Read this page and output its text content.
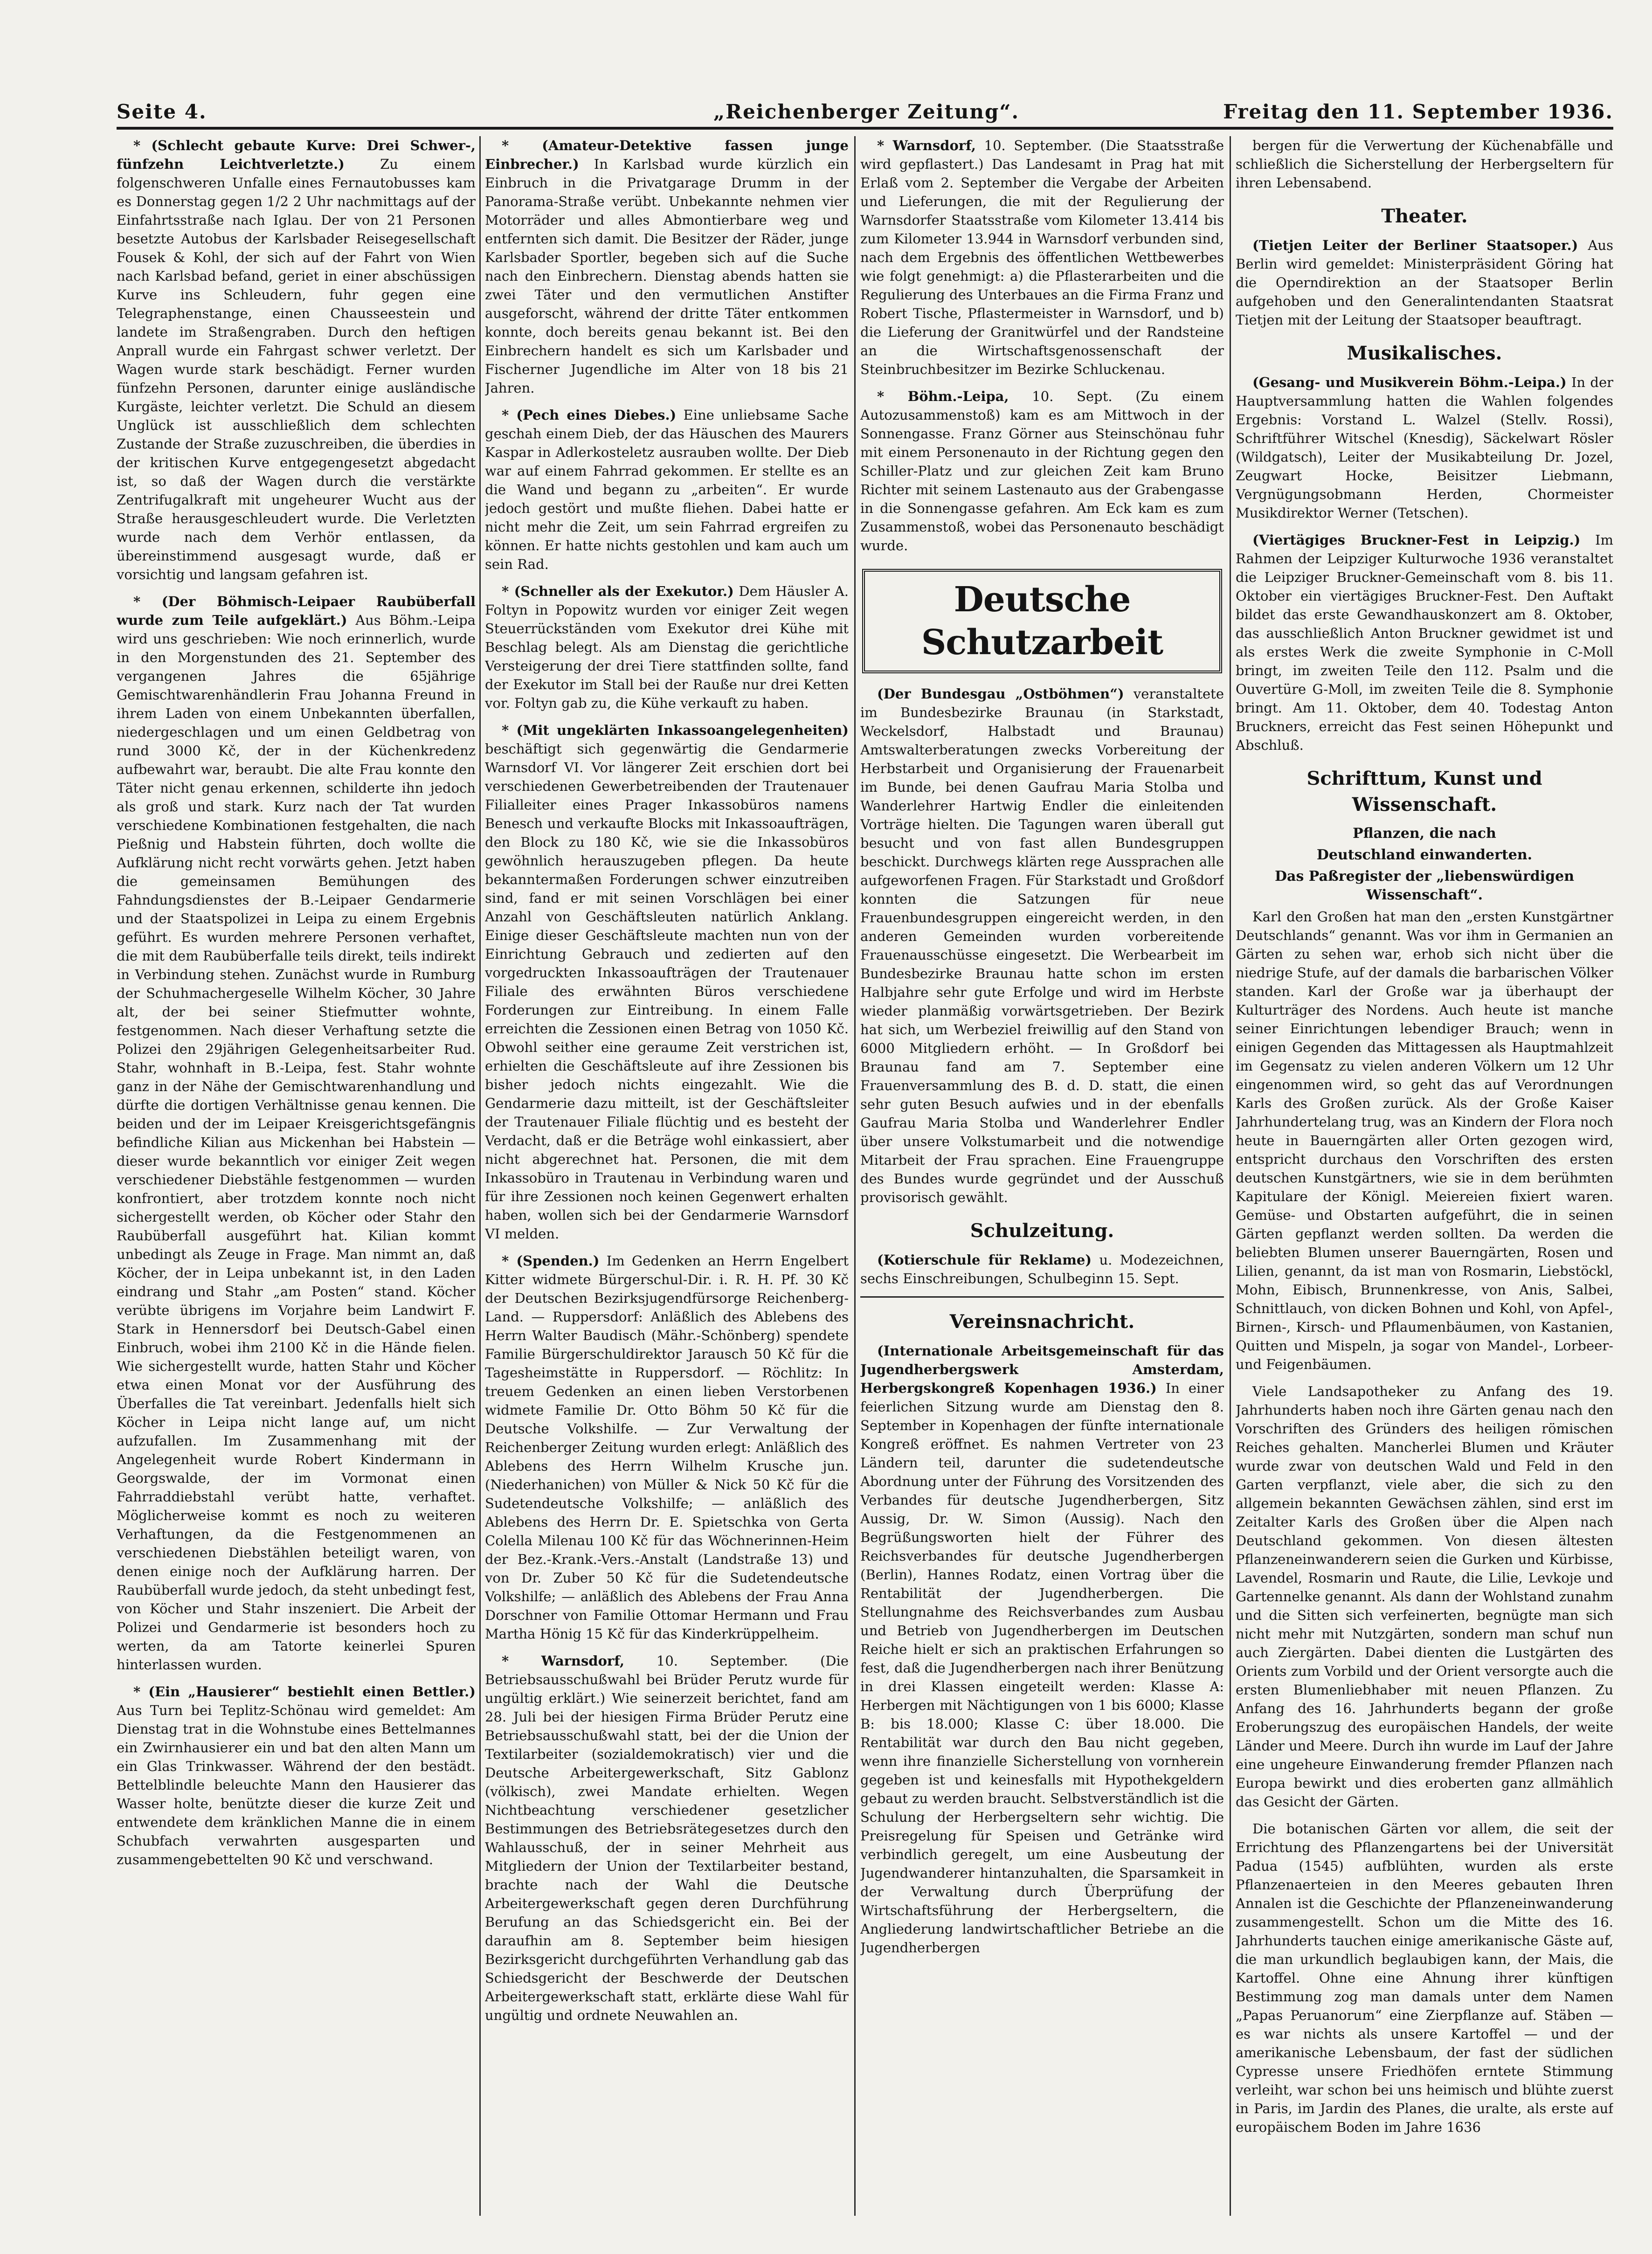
Seite 4.	„Reichenberger Zeitung“.	Freitag den 11. September 1936.

* (Schlecht gebaute Kurve: Drei Schwer-, fünfzehn Leichtverletzte.)	Zu einem folgenschweren Unfalle eines Fernautobusses kam es Donnerstag gegen 1/2 2 Uhr nachmittags auf der Einfahrtsstraße nach Iglau. Der von 21 Personen besetzte Autobus der Karlsbader Reisegesellschaft Fousek & Kohl, der sich auf der Fahrt von Wien nach Karlsbad befand, geriet in einer abschüssigen Kurve ins Schleudern, fuhr gegen eine Telegraphenstange, einen Chausseestein und landete im Straßengraben. Durch den heftigen Anprall wurde ein Fahrgast schwer verletzt. Der Wagen wurde stark beschädigt. Ferner wurden fünfzehn Personen, darunter einige ausländische Kurgäste, leichter verletzt. Die Schuld an diesem Unglück ist ausschließlich dem schlechten Zustande der Straße zuzuschreiben, die überdies in der kritischen Kurve entgegengesetzt abgedacht ist, so daß der Wagen durch die verstärkte Zentrifugalkraft mit ungeheurer Wucht aus der Straße herausgeschleudert wurde. Die Verletzten wurde nach dem Verhör entlassen, da übereinstimmend ausgesagt wurde, daß er vorsichtig und langsam gefahren ist.

* (Der Böhmisch-Leipaer Raubüberfall wurde zum Teile aufgeklärt.) Aus Böhm.-Leipa wird uns geschrieben: Wie noch erinnerlich, wurde in den Morgenstunden des 21. September des vergangenen Jahres die 65jährige Gemischtwarenhändlerin Frau Johanna Freund in ihrem Laden von einem Unbekannten überfallen, niedergeschlagen und um einen Geldbetrag von rund 3000 Kč, der in der Küchenkredenz aufbewahrt war, beraubt. Die alte Frau konnte den Täter nicht genau erkennen, schilderte ihn jedoch als groß und stark. Kurz nach der Tat wurden verschiedene Kombinationen festgehalten, die nach Pießnig und Habstein führten, doch wollte die Aufklärung nicht recht vorwärts gehen. Jetzt haben die gemeinsamen Bemühungen des Fahndungsdienstes der B.-Leipaer Gendarmerie und der Staatspolizei in Leipa zu einem Ergebnis geführt. Es wurden mehrere Personen verhaftet, die mit dem Raubüberfalle teils direkt, teils indirekt in Verbindung stehen. Zunächst wurde in Rumburg der Schuhmachergeselle Wilhelm Köcher, 30 Jahre alt, der bei seiner Stiefmutter wohnte, festgenommen. Nach dieser Verhaftung setzte die Polizei den 29jährigen Gelegenheitsarbeiter Rud. Stahr, wohnhaft in B.-Leipa, fest. Stahr wohnte ganz in der Nähe der Gemischtwarenhandlung und dürfte die dortigen Verhältnisse genau kennen. Die beiden und der im Leipaer Kreisgerichtsgefängnis befindliche Kilian aus Mickenhan bei Habstein — dieser wurde bekanntlich vor einiger Zeit wegen verschiedener Diebstähle festgenommen — wurden konfrontiert, aber trotzdem konnte noch nicht sichergestellt werden, ob Köcher oder Stahr den Raubüberfall ausgeführt hat. Kilian kommt unbedingt als Zeuge in Frage. Man nimmt an, daß Köcher, der in Leipa unbekannt ist, in den Laden eindrang und Stahr „am Posten“ stand. Köcher verübte übrigens im Vorjahre beim Landwirt F. Stark in Hennersdorf bei Deutsch-Gabel einen Einbruch, wobei ihm 2100 Kč in die Hände fielen. Wie sichergestellt wurde, hatten Stahr und Köcher etwa einen Monat vor der Ausführung des Überfalles die Tat vereinbart. Jedenfalls hielt sich Köcher in Leipa nicht lange auf, um nicht aufzufallen. Im Zusammenhang mit der Angelegenheit wurde Robert Kindermann in Georgswalde, der im Vormonat einen Fahrraddiebstahl verübt hatte, verhaftet. Möglicherweise kommt es noch zu weiteren Verhaftungen, da die Festgenommenen an verschiedenen Diebstählen beteiligt waren, von denen einige noch der Aufklärung harren. Der Raubüberfall wurde jedoch, da steht unbedingt fest, von Köcher und Stahr inszeniert. Die Arbeit der Polizei und Gendarmerie ist besonders hoch zu werten, da am Tatorte keinerlei Spuren hinterlassen wurden.

* (Ein „Hausierer“ bestiehlt einen Bettler.) Aus Turn bei Teplitz-Schönau wird gemeldet: Am Dienstag trat in die Wohnstube eines Bettelmannes ein Zwirnhausierer ein und bat den alten Mann um ein Glas Trinkwasser. Während der den bestädt. Bettelblindle beleuchte Mann den Hausierer das Wasser holte, benützte dieser die kurze Zeit und entwendete dem kränklichen Manne die in einem Schubfach verwahrten ausgesparten und zusammengebettelten 90 Kč und verschwand.

* (Amateur-Detektive fassen junge Einbrecher.) In Karlsbad wurde kürzlich ein Einbruch in die Privatgarage Drumm in der Panorama-Straße verübt. Unbekannte nehmen vier Motorräder und alles Abmontierbare weg und entfernten sich damit. Die Besitzer der Räder, junge Karlsbader Sportler, begeben sich auf die Suche nach den Einbrechern. Dienstag abends hatten sie zwei Täter und den vermutlichen Anstifter ausgeforscht, während der dritte Täter entkommen konnte, doch bereits genau bekannt ist. Bei den Einbrechern handelt es sich um Karlsbader und Fischerner Jugendliche im Alter von 18 bis 21 Jahren.

* (Pech eines Diebes.) Eine unliebsame Sache geschah einem Dieb, der das Häuschen des Maurers Kaspar in Adlerkosteletz ausrauben wollte. Der Dieb war auf einem Fahrrad gekommen. Er stellte es an die Wand und begann zu „arbeiten“. Er wurde jedoch gestört und mußte fliehen. Dabei hatte er nicht mehr die Zeit, um sein Fahrrad ergreifen zu können. Er hatte nichts gestohlen und kam auch um sein Rad.

* (Schneller als der Exekutor.) Dem Häusler A. Foltyn in Popowitz wurden vor einiger Zeit wegen Steuerrückständen vom Exekutor drei Kühe mit Beschlag belegt. Als am Dienstag die gerichtliche Versteigerung der drei Tiere stattfinden sollte, fand der Exekutor im Stall bei der Rauße nur drei Ketten vor. Foltyn gab zu, die Kühe verkauft zu haben.

* (Mit ungeklärten Inkassoangelegenheiten) beschäftigt sich gegenwärtig die Gendarmerie Warnsdorf VI. Vor längerer Zeit erschien dort bei verschiedenen Gewerbetreibenden der Trautenauer Filialleiter eines Prager Inkassobüros namens Benesch und verkaufte Blocks mit Inkassoaufträgen, den Block zu 180 Kč, wie sie die Inkassobüros gewöhnlich herauszugeben pflegen. Da heute bekanntermaßen Forderungen schwer einzutreiben sind, fand er mit seinen Vorschlägen bei einer Anzahl von Geschäftsleuten natürlich Anklang. Einige dieser Geschäftsleute machten nun von der Einrichtung Gebrauch und zedierten auf den vorgedruckten Inkassoaufträgen der Trautenauer Filiale des erwähnten Büros verschiedene Forderungen zur Eintreibung. In einem Falle erreichten die Zessionen einen Betrag von 1050 Kč. Obwohl seither eine geraume Zeit verstrichen ist, erhielten die Geschäftsleute auf ihre Zessionen bis bisher jedoch nichts eingezahlt. Wie die Gendarmerie dazu mitteilt, ist der Geschäftsleiter der Trautenauer Filiale flüchtig und es besteht der Verdacht, daß er die Beträge wohl einkassiert, aber nicht abgerechnet hat. Personen, die mit dem Inkassobüro in Trautenau in Verbindung waren und für ihre Zessionen noch keinen Gegenwert erhalten haben, wollen sich bei der Gendarmerie Warnsdorf VI melden.

* (Spenden.) Im Gedenken an Herrn Engelbert Kitter widmete Bürgerschul-Dir. i. R. H. Pf. 30 Kč der Deutschen Bezirksjugendfürsorge Reichenberg-Land. — Ruppersdorf: Anläßlich des Ablebens des Herrn Walter Baudisch (Mähr.-Schönberg) spendete Familie Bürgerschuldirektor Jarausch 50 Kč für die Tagesheimstätte in Ruppersdorf. — Röchlitz: In treuem Gedenken an einen lieben Verstorbenen widmete Familie Dr. Otto Böhm 50 Kč für die Deutsche Volkshilfe. — Zur Verwaltung der Reichenberger Zeitung wurden erlegt: Anläßlich des Ablebens des Herrn Wilhelm Krusche jun. (Niederhanichen) von Müller & Nick 50 Kč für die Sudetendeutsche Volkshilfe; — anläßlich des Ablebens des Herrn Dr. E. Spietschka von Gerta Colella Milenau 100 Kč für das Wöchnerinnen-Heim der Bez.-Krank.-Vers.-Anstalt (Landstraße 13) und von Dr. Zuber 50 Kč für die Sudetendeutsche Volkshilfe; — anläßlich des Ablebens der Frau Anna Dorschner von Familie Ottomar Hermann und Frau Martha Hönig 15 Kč für das Kinderkrüppelheim.

* Warnsdorf, 10. September. (Die Betriebsausschußwahl bei Brüder Perutz wurde für ungültig erklärt.) Wie seinerzeit berichtet, fand am 28. Juli bei der hiesigen Firma Brüder Perutz eine Betriebsausschußwahl statt, bei der die Union der Textilarbeiter (sozialdemokratisch) vier und die Deutsche Arbeitergewerkschaft, Sitz Gablonz (völkisch), zwei Mandate erhielten. Wegen Nichtbeachtung verschiedener gesetzlicher Bestimmungen des Betriebsrätegesetzes durch den Wahlausschuß, der in seiner Mehrheit aus Mitgliedern der Union der Textilarbeiter bestand, brachte nach der Wahl die Deutsche Arbeitergewerkschaft gegen deren Durchführung Berufung an das Schiedsgericht ein. Bei der daraufhin am 8. September beim hiesigen Bezirksgericht durchgeführten Verhandlung gab das Schiedsgericht der Beschwerde der Deutschen Arbeitergewerkschaft statt, erklärte diese Wahl für ungültig und ordnete Neuwahlen an.

* Warnsdorf, 10. September. (Die Staatsstraße wird gepflastert.) Das Landesamt in Prag hat mit Erlaß vom 2. September die Vergabe der Arbeiten und Lieferungen, die mit der Regulierung der Warnsdorfer Staatsstraße vom Kilometer 13.414 bis zum Kilometer 13.944 in Warnsdorf verbunden sind, nach dem Ergebnis des öffentlichen Wettbewerbes wie folgt genehmigt: a) die Pflasterarbeiten und die Regulierung des Unterbaues an die Firma Franz und Robert Tische, Pflastermeister in Warnsdorf, und b) die Lieferung der Granitwürfel und der Randsteine an die Wirtschaftsgenossenschaft der Steinbruchbesitzer im Bezirke Schluckenau.

* Böhm.-Leipa, 10. Sept. (Zu einem Autozusammenstoß) kam es am Mittwoch in der Sonnengasse. Franz Görner aus Steinschönau fuhr mit einem Personenauto in der Richtung gegen den Schiller-Platz und zur gleichen Zeit kam Bruno Richter mit seinem Lastenauto aus der Grabengasse in die Sonnengasse gefahren. Am Eck kam es zum Zusammenstoß, wobei das Personenauto beschädigt wurde.

Deutsche Schutzarbeit

(Der Bundesgau „Ostböhmen“) veranstaltete im Bundesbezirke Braunau (in Starkstadt, Weckelsdorf, Halbstadt und Braunau) Amtswalterberatungen zwecks Vorbereitung der Herbstarbeit und Organisierung der Frauenarbeit im Bunde, bei denen Gaufrau Maria Stolba und Wanderlehrer Hartwig Endler die einleitenden Vorträge hielten. Die Tagungen waren überall gut besucht und von fast allen Bundesgruppen beschickt. Durchwegs klärten rege Aussprachen alle aufgeworfenen Fragen. Für Starkstadt und Großdorf konnten die Satzungen für neue Frauenbundesgruppen eingereicht werden, in den anderen Gemeinden wurden vorbereitende Frauenausschüsse eingesetzt. Die Werbearbeit im Bundesbezirke Braunau hatte schon im ersten Halbjahre sehr gute Erfolge und wird im Herbste wieder planmäßig vorwärtsgetrieben. Der Bezirk hat sich, um Werbeziel freiwillig auf den Stand von 6000 Mitgliedern erhöht. — In Großdorf bei Braunau fand am 7. September eine Frauenversammlung des B. d. D. statt, die einen sehr guten Besuch aufwies und in der ebenfalls Gaufrau Maria Stolba und Wanderlehrer Endler über unsere Volkstumarbeit und die notwendige Mitarbeit der Frau sprachen. Eine Frauengruppe des Bundes wurde gegründet und der Ausschuß provisorisch gewählt.

Schulzeitung.

(Kotierschule für Reklame) u. Modezeichnen, sechs Einschreibungen, Schulbeginn 15. Sept.

Vereinsnachricht.

(Internationale Arbeitsgemeinschaft für das Jugendherbergswerk Amsterdam, Herbergskongreß Kopenhagen 1936.) In einer feierlichen Sitzung wurde am Dienstag den 8. September in Kopenhagen der fünfte internationale Kongreß eröffnet. Es nahmen Vertreter von 23 Ländern teil, darunter die sudetendeutsche Abordnung unter der Führung des Vorsitzenden des Verbandes für deutsche Jugendherbergen, Sitz Aussig, Dr. W. Simon (Aussig). Nach den Begrüßungsworten hielt der Führer des Reichsverbandes für deutsche Jugendherbergen (Berlin), Hannes Rodatz, einen Vortrag über die Rentabilität der Jugendherbergen. Die Stellungnahme des Reichsverbandes zum Ausbau und Betrieb von Jugendherbergen im Deutschen Reiche hielt er sich an praktischen Erfahrungen so fest, daß die Jugendherbergen nach ihrer Benützung in drei Klassen eingeteilt werden: Klasse A: Herbergen mit Nächtigungen von 1 bis 6000; Klasse B: bis 18.000; Klasse C: über 18.000. Die Rentabilität war durch den Bau nicht gegeben, wenn ihre finanzielle Sicherstellung von vornherein gegeben ist und keinesfalls mit Hypothekgeldern gebaut zu werden braucht. Selbstverständlich ist die Schulung der Herbergseltern sehr wichtig. Die Preisregelung für Speisen und Getränke wird verbindlich geregelt, um eine Ausbeutung der Jugendwanderer hintanzuhalten, die Sparsamkeit in der Verwaltung durch Überprüfung der Wirtschaftsführung der Herbergseltern, die Angliederung landwirtschaftlicher Betriebe an die Jugendherbergen

bergen für die Verwertung der Küchenabfälle und schließlich die Sicherstellung der Herbergseltern für ihren Lebensabend.

Theater.

(Tietjen Leiter der Berliner Staatsoper.) Aus Berlin wird gemeldet: Ministerpräsident Göring hat die Operndirektion an der Staatsoper Berlin aufgehoben und den Generalintendanten Staatsrat Tietjen mit der Leitung der Staatsoper beauftragt.

Musikalisches.

(Gesang- und Musikverein Böhm.-Leipa.) In der Hauptversammlung hatten die Wahlen folgendes Ergebnis: Vorstand L. Walzel (Stellv. Rossi), Schriftführer Witschel (Knesdig), Säckelwart Rösler (Wildgatsch), Leiter der Musikabteilung Dr. Jozel, Zeugwart Hocke, Beisitzer Liebmann, Vergnügungsobmann Herden, Chormeister Musikdirektor Werner (Tetschen).

(Viertägiges Bruckner-Fest in Leipzig.) Im Rahmen der Leipziger Kulturwoche 1936 veranstaltet die Leipziger Bruckner-Gemeinschaft vom 8. bis 11. Oktober ein viertägiges Bruckner-Fest. Den Auftakt bildet das erste Gewandhauskonzert am 8. Oktober, das ausschließlich Anton Bruckner gewidmet ist und als erstes Werk die zweite Symphonie in C-Moll bringt, im zweiten Teile den 112. Psalm und die Ouvertüre G-Moll, im zweiten Teile die 8. Symphonie bringt. Am 11. Oktober, dem 40. Todestag Anton Bruckners, erreicht das Fest seinen Höhepunkt und Abschluß.

Schrifttum, Kunst und Wissenschaft.
Pflanzen, die nach
Deutschland einwanderten.
Das Paßregister der „liebenswürdigen Wissenschaft“.

Karl den Großen hat man den „ersten Kunstgärtner Deutschlands“ genannt. Was vor ihm in Germanien an Gärten zu sehen war, erhob sich nicht über die niedrige Stufe, auf der damals die barbarischen Völker standen. Karl der Große war ja überhaupt der Kulturträger des Nordens. Auch heute ist manche seiner Einrichtungen lebendiger Brauch; wenn in einigen Gegenden das Mittagessen als Hauptmahlzeit im Gegensatz zu vielen anderen Völkern um 12 Uhr eingenommen wird, so geht das auf Verordnungen Karls des Großen zurück. Als der Große Kaiser Jahrhundertelang trug, was an Kindern der Flora noch heute in Bauerngärten aller Orten gezogen wird, entspricht durchaus den Vorschriften des ersten deutschen Kunstgärtners, wie sie in dem berühmten Kapitulare der Königl. Meiereien fixiert waren. Gemüse- und Obstarten aufgeführt, die in seinen Gärten gepflanzt werden sollten. Da werden die beliebten Blumen unserer Bauerngärten, Rosen und Lilien, genannt, da ist man von Rosmarin, Liebstöckl, Mohn, Eibisch, Brunnenkresse, von Anis, Salbei, Schnittlauch, von dicken Bohnen und Kohl, von Apfel-, Birnen-, Kirsch- und Pflaumenbäumen, von Kastanien, Quitten und Mispeln, ja sogar von Mandel-, Lorbeer- und Feigenbäumen.

Viele Landsapotheker zu Anfang des 19. Jahrhunderts haben noch ihre Gärten genau nach den Vorschriften des Gründers des heiligen römischen Reiches gehalten. Mancherlei Blumen und Kräuter wurde zwar von deutschen Wald und Feld in den Garten verpflanzt, viele aber, die sich zu den allgemein bekannten Gewächsen zählen, sind erst im Zeitalter Karls des Großen über die Alpen nach Deutschland gekommen. Von diesen ältesten Pflanzeneinwanderern seien die Gurken und Kürbisse, Lavendel, Rosmarin und Raute, die Lilie, Levkoje und Gartennelke genannt. Als dann der Wohlstand zunahm und die Sitten sich verfeinerten, begnügte man sich nicht mehr mit Nutzgärten, sondern man schuf nun auch Ziergärten. Dabei dienten die Lustgärten des Orients zum Vorbild und der Orient versorgte auch die ersten Blumenliebhaber mit neuen Pflanzen. Zu Anfang des 16. Jahrhunderts begann der große Eroberungszug des europäischen Handels, der weite Länder und Meere. Durch ihn wurde im Lauf der Jahre eine ungeheure Einwanderung fremder Pflanzen nach Europa bewirkt und dies eroberten ganz allmählich das Gesicht der Gärten.

Die botanischen Gärten vor allem, die seit der Errichtung des Pflanzengartens bei der Universität Padua (1545) aufblühten, wurden als erste Pflanzenaerteien in den Meeres gebauten Ihren Annalen ist die Geschichte der Pflanzeneinwanderung zusammengestellt. Schon um die Mitte des 16. Jahrhunderts tauchen einige amerikanische Gäste auf, die man urkundlich beglaubigen kann, der Mais, die Kartoffel. Ohne eine Ahnung ihrer künftigen Bestimmung zog man damals unter dem Namen „Papas Peruanorum“ eine Zierpflanze auf. Stäben — es war nichts als unsere Kartoffel — und der amerikanische Lebensbaum, der fast der südlichen Cypresse unsere Friedhöfen erntete Stimmung verleiht, war schon bei uns heimisch und blühte zuerst in Paris, im Jardin des Planes, die uralte, als erste auf europäischem Boden im Jahre 1636
